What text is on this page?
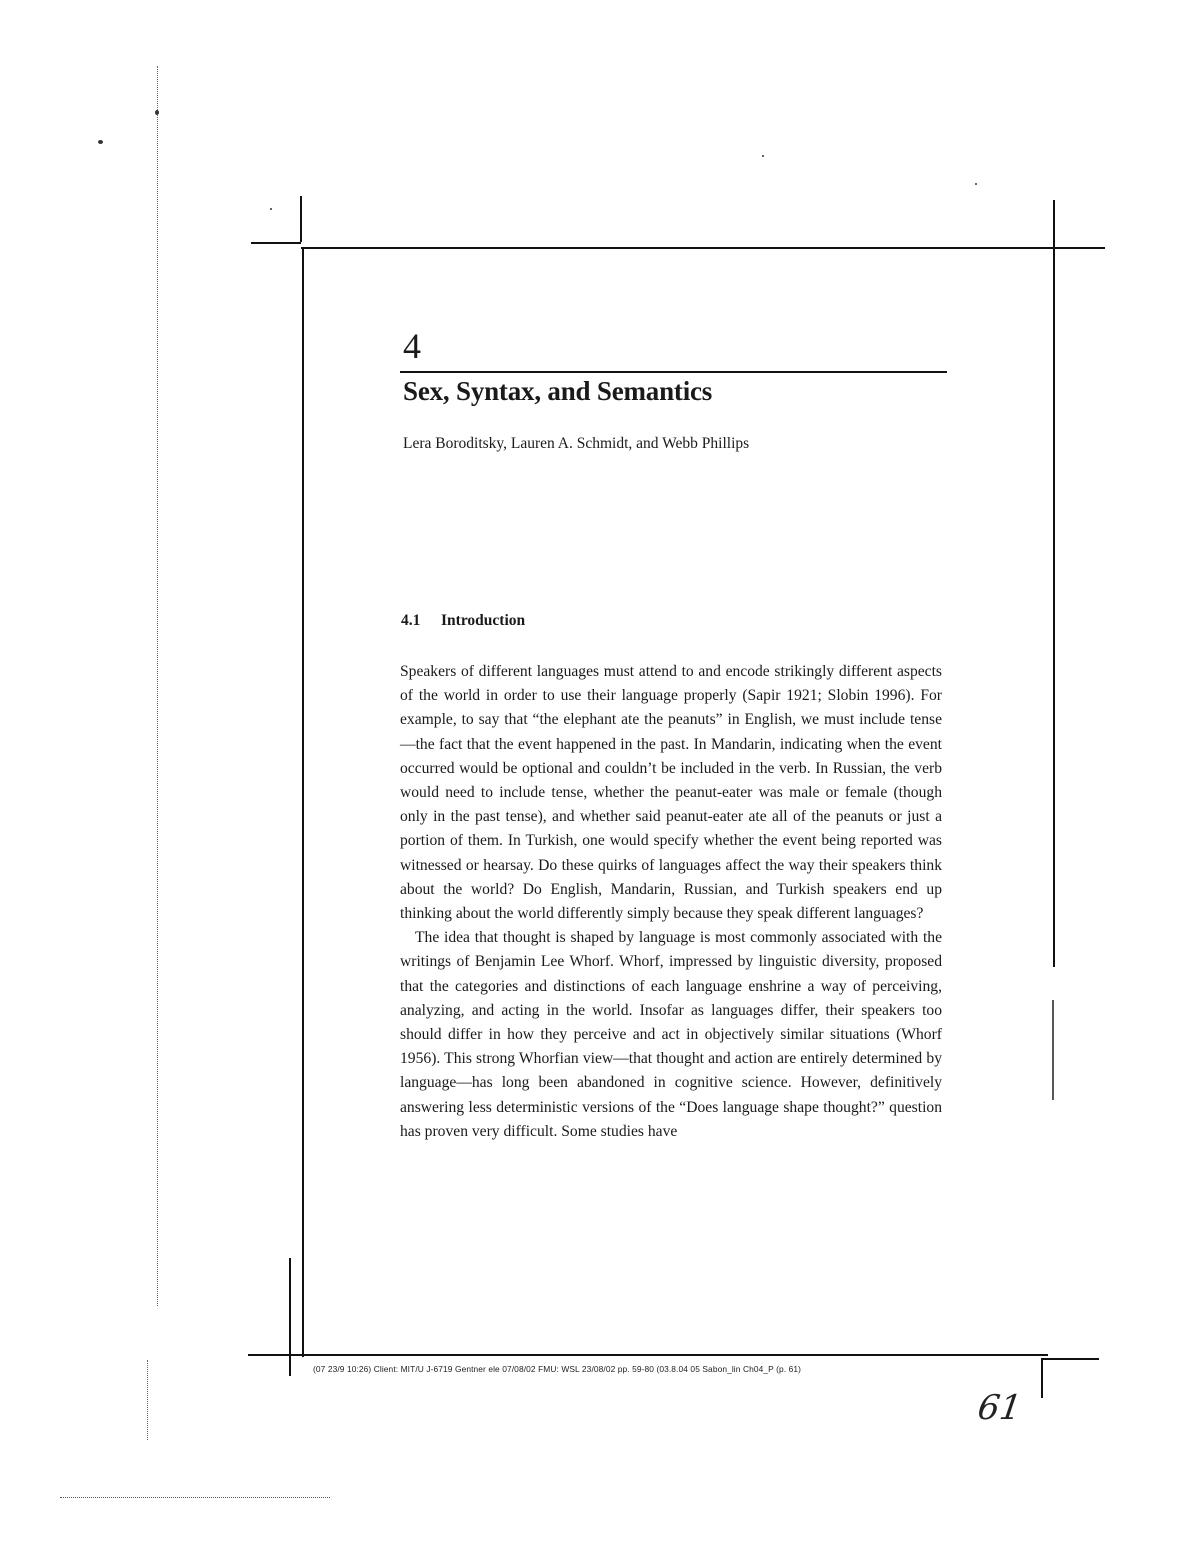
4
Sex, Syntax, and Semantics
Lera Boroditsky, Lauren A. Schmidt, and Webb Phillips
4.1 Introduction

Speakers of different languages must attend to and encode strikingly different aspects of the world in order to use their language properly (Sapir 1921; Slobin 1996). For example, to say that “the elephant ate the peanuts” in English, we must include tense—the fact that the event happened in the past. In Mandarin, indicating when the event occurred would be optional and couldn’t be included in the verb. In Russian, the verb would need to include tense, whether the peanut-eater was male or female (though only in the past tense), and whether said peanut-eater ate all of the peanuts or just a portion of them. In Turkish, one would specify whether the event being reported was witnessed or hearsay. Do these quirks of languages affect the way their speakers think about the world? Do English, Mandarin, Russian, and Turkish speakers end up thinking about the world differently simply because they speak different languages?

The idea that thought is shaped by language is most commonly associated with the writings of Benjamin Lee Whorf. Whorf, impressed by linguistic diversity, proposed that the categories and distinctions of each language enshrine a way of perceiving, analyzing, and acting in the world. Insofar as languages differ, their speakers too should differ in how they perceive and act in objectively similar situations (Whorf 1956). This strong Whorfian view—that thought and action are entirely determined by language—has long been abandoned in cognitive science. However, definitively answering less deterministic versions of the “Does language shape thought?” question has proven very difficult. Some studies have

(07 23/9 10:26) Client: MIT/U J-6719 Gentner ele 07/08/02 FMU: WSL 23/08/02 pp. 59-80 (03.8.04 05 Sabon_lin Ch04_P (p. 61)
61
